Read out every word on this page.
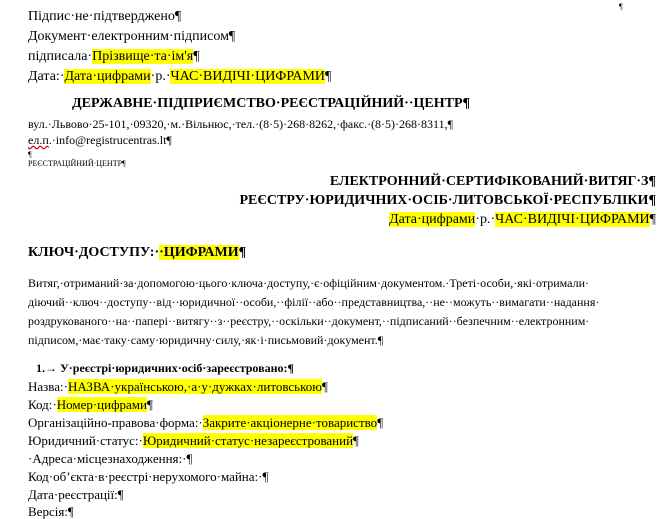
¶
Підпис·не·підтверджено¶
Документ·електронним·підписом¶
підписала·Прізвище·та·ім'я¶
Дата:·Дата·цифрами·р.·ЧАС·ВИДІЧІ·ЦИФРАМИ¶
ДЕРЖАВНЕ·ПІДПРИЄМСТВО·РЕЄСТРАЦІЙНИЙ··ЦЕНТР¶
вул.·Львово·25-101,·09320,·м.·Вільнюс,·тел.·(8·5)·268·8262,·факс.·(8·5)·268·8311,¶
ел.п.·info@registrucentras.lt¶
¶
РЕЄСТРАЦІЙНИЙ·ЦЕНТР¶
ЕЛЕКТРОННИЙ·СЕРТИФІКОВАНИЙ·ВИТЯГ·З¶
РЕЄСТРУ·ЮРИДИЧНИХ·ОСІБ·ЛИТОВСЬКОЇ·РЕСПУБЛІКИ¶
Дата·цифрами·р.·ЧАС·ВИДІЧІ·ЦИФРАМИ¶
КЛЮЧ·ДОСТУПУ:··ЦИФРАМИ¶
Витяг,·отриманий·за·допомогою·цього·ключа·доступу,·є·офіційним·документом.·Треті·особи,·які·отримали·
діючий··ключ··доступу··від··юридичної··особи,··філії··або··представництва,··не··можуть··вимагати··надання·
роздрукованого··на··папері··витягу··з··реєстру,··оскільки··документ,··підписаний··безпечним··електронним·
підписом,·має·таку·саму·юридичну·силу,·як·і·письмовий·документ.¶
1.→ У·реєстрі·юридичних·осіб·зареєстровано:¶
Назва:·НАЗВА·українською,·а·у·дужках·литовською¶
Код:·Номер·цифрами¶
Організаційно-правова·форма:·Закрите·акціонерне·товариство¶
Юридичний·статус:·Юридичний·статус·незареєстрований¶
·Адреса·місцезнаходження:·¶
Код·об’єкта·в·реєстрі·нерухомого·майна:·¶
Дата·реєстрації:¶
Версія:¶
